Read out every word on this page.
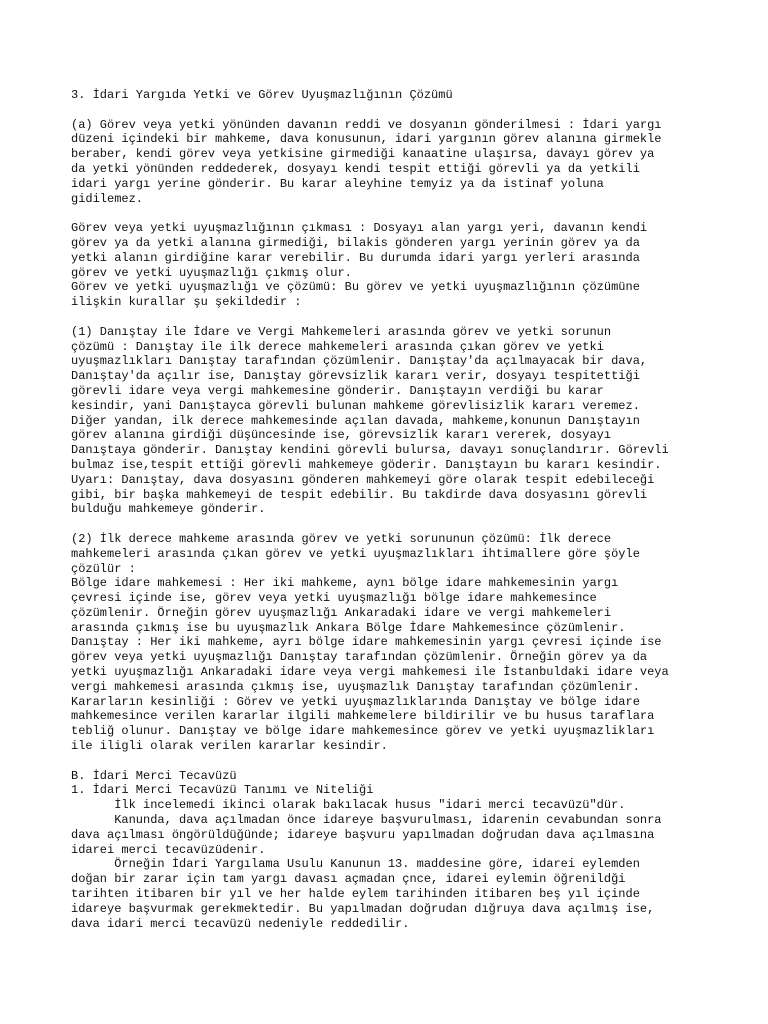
3. İdari Yargıda Yetki ve Görev Uyuşmazlığının Çözümü
(a) Görev veya yetki yönünden davanın reddi ve dosyanın gönderilmesi : İdari yargı
düzeni içindeki bir mahkeme, dava konusunun, idari yargının görev alanına girmekle
beraber, kendi görev veya yetkisine girmediği kanaatine ulaşırsa, davayı görev ya
da yetki yönünden reddederek, dosyayı kendi tespit ettiği görevli ya da yetkili
idari yargı yerine gönderir. Bu karar aleyhine temyiz ya da istinaf yoluna
gidilemez.
Görev veya yetki uyuşmazlığının çıkması : Dosyayı alan yargı yeri, davanın kendi
görev ya da yetki alanına girmediği, bilakis gönderen yargı yerinin görev ya da
yetki alanın girdiğine karar verebilir. Bu durumda idari yargı yerleri arasında
görev ve yetki uyuşmazlığı çıkmış olur.
Görev ve yetki uyuşmazlığı ve çözümü: Bu görev ve yetki uyuşmazlığının çözümüne
ilişkin kurallar şu şekildedir :
(1) Danıştay ile İdare ve Vergi Mahkemeleri arasında görev ve yetki sorunun
çözümü : Danıştay ile ilk derece mahkemeleri arasında çıkan görev ve yetki
uyuşmazlıkları Danıştay tarafından çözümlenir. Danıştay'da açılmayacak bir dava,
Danıştay'da açılır ise, Danıştay görevsizlik kararı verir, dosyayı tespitettiği
görevli idare veya vergi mahkemesine gönderir. Danıştayın verdiği bu karar
kesindir, yani Danıştayca görevli bulunan mahkeme görevlisizlik kararı veremez.
Diğer yandan, ilk derece mahkemesinde açılan davada, mahkeme,konunun Danıştayın
görev alanına girdiği düşüncesinde ise, görevsizlik kararı vererek, dosyayı
Danıştaya gönderir. Danıştay kendini görevli bulursa, davayı sonuçlandırır. Görevli
bulmaz ise,tespit ettiği görevli mahkemeye göderir. Danıştayın bu kararı kesindir.
Uyarı: Danıştay, dava dosyasını gönderen mahkemeyi göre olarak tespit edebileceği
gibi, bir başka mahkemeyi de tespit edebilir. Bu takdirde dava dosyasını görevli
bulduğu mahkemeye gönderir.
(2) İlk derece mahkeme arasında görev ve yetki sorununun çözümü: İlk derece
mahkemeleri arasında çıkan görev ve yetki uyuşmazlıkları ihtimallere göre şöyle
çözülür :
Bölge idare mahkemesi : Her iki mahkeme, aynı bölge idare mahkemesinin yargı
çevresi içinde ise, görev veya yetki uyuşmazlığı bölge idare mahkemesince
çözümlenir. Örneğin görev uyuşmazlığı Ankaradaki idare ve vergi mahkemeleri
arasında çıkmış ise bu uyuşmazlık Ankara Bölge İdare Mahkemesince çözümlenir.
Danıştay : Her iki mahkeme, ayrı bölge idare mahkemesinin yargı çevresi içinde ise
görev veya yetki uyuşmazlığı Danıştay tarafından çözümlenir. Örneğin görev ya da
yetki uyuşmazlığı Ankaradaki idare veya vergi mahkemesi ile İstanbuldaki idare veya
vergi mahkemesi arasında çıkmış ise, uyuşmazlık Danıştay tarafından çözümlenir.
Kararların kesinliği : Görev ve yetki uyuşmazlıklarında Danıştay ve bölge idare
mahkemesince verilen kararlar ilgili mahkemelere bildirilir ve bu husus taraflara
tebliğ olunur. Danıştay ve bölge idare mahkemesince görev ve yetki uyuşmazlikları
ile iligli olarak verilen kararlar kesindir.
B. İdari Merci Tecavüzü
1. İdari Merci Tecavüzü Tanımı ve Niteliği
İlk incelemedi ikinci olarak bakılacak husus "idari merci tecavüzü"dür.
Kanunda, dava açılmadan önce idareye başvurulması, idarenin cevabundan sonra
dava açılması öngörüldüğünde; idareye başvuru yapılmadan doğrudan dava açılmasına
idarei merci tecavüzüdenir.
Örneğin İdari Yargılama Usulu Kanunun 13. maddesine göre, idarei eylemden
doğan bir zarar için tam yargı davası açmadan çnce, idarei eylemin öğrenildği
tarihten itibaren bir yıl ve her halde eylem tarihinden itibaren beş yıl içinde
idareye başvurmak gerekmektedir. Bu yapılmadan doğrudan dığruya dava açılmış ise,
dava idari merci tecavüzü nedeniyle reddedilir.
